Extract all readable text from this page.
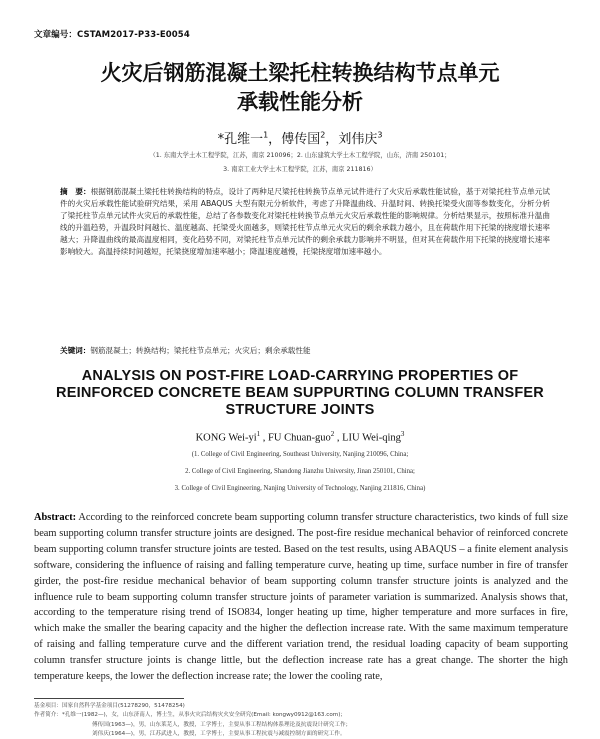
文章编号：CSTAM2017-P33-E0054
火灾后钢筋混凝土梁托柱转换结构节点单元
承载性能分析
*孔维一$^1$，傅传国$^2$，刘伟庆$^3$
（1. 东南大学土木工程学院，江苏，南京 210096；2. 山东建筑大学土木工程学院，山东，济南 250101；
3. 南京工业大学土木工程学院，江苏，南京 211816）
摘　要：根据钢筋混凝土梁托柱转换结构的特点，设计了两种足尺梁托柱转换节点单元试件进行了火灾后承载性能试验，基于对梁托柱节点单元试件的火灾后承载性能试验研究结果，采用 ABAQUS 大型有限元分析软件，考虑了升降温曲线、升温时间、转换托梁受火面等参数变化，分析分析了梁托柱节点单元试件火灾后的承载性能，总结了各参数变化对梁托柱转换节点单元火灾后承载性能的影响规律。分析结果显示，按照标准升温曲线的升温趋势，升温段时间越长、温度越高、托梁受火面越多，则梁托柱节点单元火灾后的剩余承载力越小，且在荷载作用下托梁的挠度增长速率越大；升降温曲线的最高温度相同，变化趋势不同，对梁托柱节点单元试件的剩余承载力影响并不明显，但对其在荷载作用下托梁的挠度增长速率影响较大。高温持续时间越短，托梁挠度增加速率越小；降温速度越慢，托梁挠度增加速率越小。
关键词：钢筋混凝土；转换结构；梁托柱节点单元；火灾后；剩余承载性能
ANALYSIS ON POST-FIRE LOAD-CARRYING PROPERTIES OF
REINFORCED CONCRETE BEAM SUPPURTING COLUMN TRANSFER
STRUCTURE JOINTS
KONG Wei-$yi^1$ , FU Chuan-guo$^2$ , LIU Wei-qing$^3$
(1. College of Civil Engineering, Southeast University, Nanjing 210096, China;
2. College of Civil Engineering, Shandong Jianzhu University, Jinan 250101, China;
3. College of Civil Engineering, Nanjing University of Technology, Nanjing 211816, China)
Abstract: According to the reinforced concrete beam supporting column transfer structure characteristics, two kinds of full size beam supporting column transfer structure joints are designed. The post-fire residue mechanical behavior of reinforced concrete beam supporting column transfer structure joints are tested. Based on the test results, using ABAQUS – a finite element analysis software, considering the influence of raising and falling temperature curve, heating up time, surface number in fire of transfer girder, the post-fire residue mechanical behavior of beam supporting column transfer structure joints is analyzed and the influence rule to beam supporting column transfer structure joints of parameter variation is summarized. Analysis shows that, according to the temperature rising trend of ISO834, longer heating up time, higher temperature and more surfaces in fire, which make the smaller the bearing capacity and the higher the deflection increase rate. With the same maximum temperature of raising and falling temperature curve and the different variation trend, the residual loading capacity of beam supporting column transfer structure joints is change little, but the deflection increase rate has a great change. The shorter the high temperature keeps, the lower the deflection increase rate; the lower the cooling rate,
基金项目：国家自然科学基金项目(51278290，51478254)
作者简介：*孔维一(1982—)，女，山东济南人，博士生，从事火灾后结构灾火安全研究(Email: kongwy0912@163.com)；
傅传国(1963—)，男，山东莱芜人，教授，工学博士，主要从事工程结构体系理论及抗震设计研究工作；
刘伟庆(1964—)，男，江苏武进人，教授，工学博士，主要从事工程抗震与减震控制方面的研究工作。
